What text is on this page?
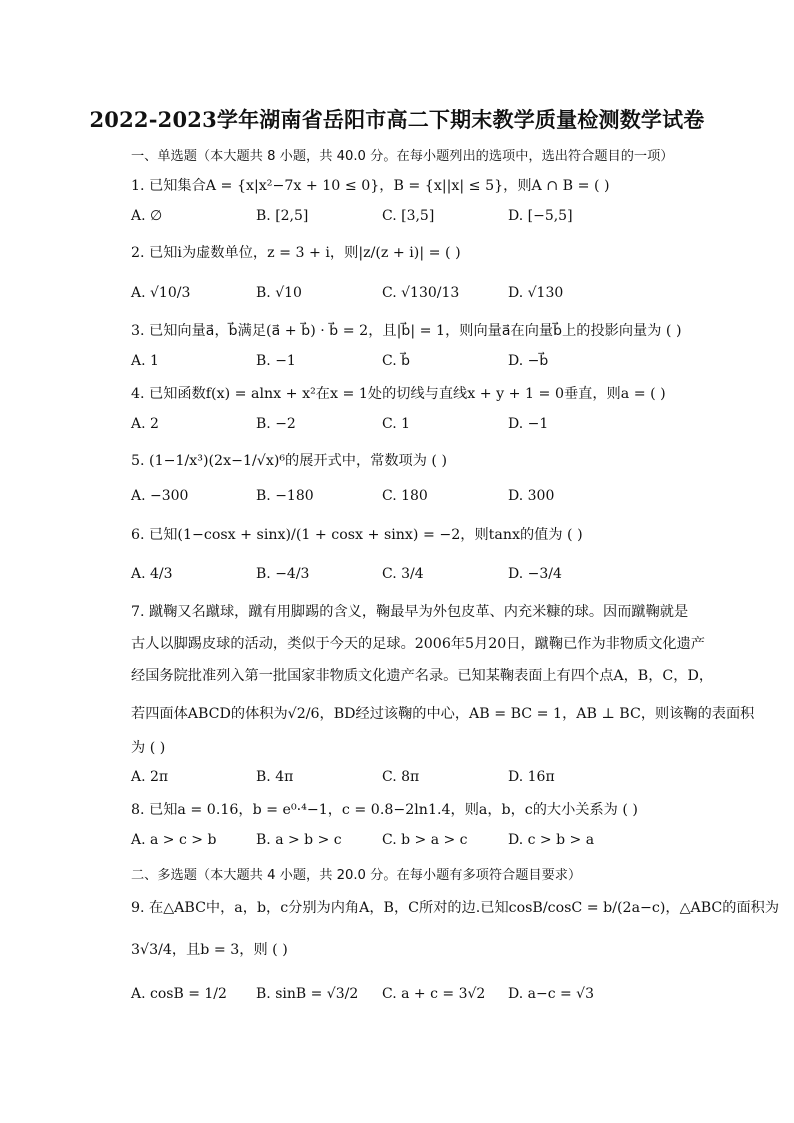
2022-2023学年湖南省岳阳市高二下期末教学质量检测数学试卷
一、单选题（本大题共 8 小题，共 40.0 分。在每小题列出的选项中，选出符合题目的一项）
1. 已知集合A = {x|x²−7x + 10 ≤ 0}，B = {x||x| ≤ 5}，则A ∩ B = ( )
A. ∅	B. [2,5]	C. [3,5]	D. [−5,5]
2. 已知i为虚数单位，z = 3 + i，则|z/(z + i)| = ( )
A. √10/3	B. √10	C. √130/13	D. √130
3. 已知向量a⃗，b⃗满足(a⃗ + b⃗) · b⃗ = 2，且|b⃗| = 1，则向量a⃗在向量b⃗上的投影向量为 ( )
A. 1	B. −1	C. b⃗	D. −b⃗
4. 已知函数f(x) = alnx + x²在x = 1处的切线与直线x + y + 1 = 0垂直，则a = ( )
A. 2	B. −2	C. 1	D. −1
5. (1−1/x³)(2x−1/√x)⁶的展开式中，常数项为 ( )
A. −300	B. −180	C. 180	D. 300
6. 已知(1−cosx + sinx)/(1 + cosx + sinx) = −2，则tanx的值为 ( )
A. 4/3	B. −4/3	C. 3/4	D. −3/4
7. 蹴鞠又名蹴球，蹴有用脚踢的含义，鞠最早为外包皮革、内充米糠的球。因而蹴鞠就是
古人以脚踢皮球的活动，类似于今天的足球。2006年5月20日，蹴鞠已作为非物质文化遗产
经国务院批准列入第一批国家非物质文化遗产名录。已知某鞠表面上有四个点A，B，C，D，
若四面体ABCD的体积为√2/6，BD经过该鞠的中心，AB = BC = 1，AB ⊥ BC，则该鞠的表面积
为 ( )
A. 2π	B. 4π	C. 8π	D. 16π
8. 已知a = 0.16，b = e⁰·⁴−1，c = 0.8−2ln1.4，则a，b，c的大小关系为 ( )
A. a > c > b	B. a > b > c	C. b > a > c	D. c > b > a
二、多选题（本大题共 4 小题，共 20.0 分。在每小题有多项符合题目要求）
9. 在△ABC中，a，b，c分别为内角A，B，C所对的边.已知cosB/cosC = b/(2a−c)，△ABC的面积为
3√3/4，且b = 3，则 ( )
A. cosB = 1/2 B. sinB = √3/2 C. a + c = 3√2 D. a−c = √3
